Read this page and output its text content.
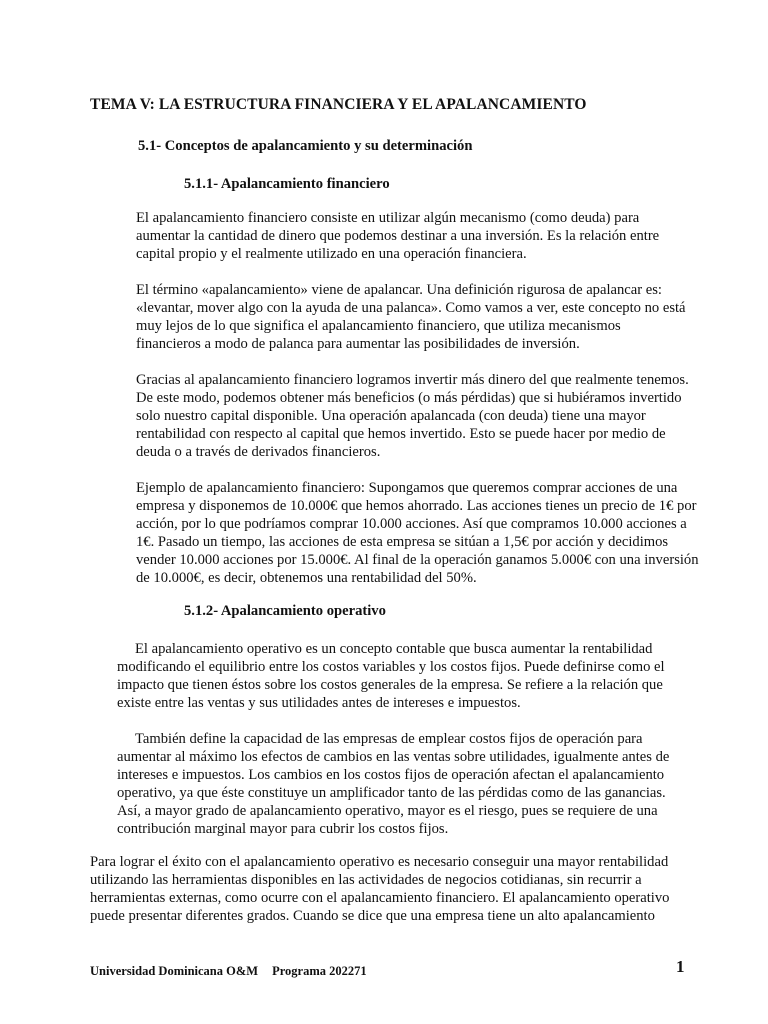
TEMA V: LA ESTRUCTURA FINANCIERA Y EL APALANCAMIENTO
5.1- Conceptos de apalancamiento y su determinación
5.1.1- Apalancamiento financiero

El apalancamiento financiero consiste en utilizar algún mecanismo (como deuda) para aumentar la cantidad de dinero que podemos destinar a una inversión. Es la relación entre capital propio y el realmente utilizado en una operación financiera.

El término «apalancamiento» viene de apalancar. Una definición rigurosa de apalancar es: «levantar, mover algo con la ayuda de una palanca». Como vamos a ver, este concepto no está muy lejos de lo que significa el apalancamiento financiero, que utiliza mecanismos financieros a modo de palanca para aumentar las posibilidades de inversión.

Gracias al apalancamiento financiero logramos invertir más dinero del que realmente tenemos. De este modo, podemos obtener más beneficios (o más pérdidas) que si hubiéramos invertido solo nuestro capital disponible. Una operación apalancada (con deuda) tiene una mayor rentabilidad con respecto al capital que hemos invertido. Esto se puede hacer por medio de deuda o a través de derivados financieros.

Ejemplo de apalancamiento financiero: Supongamos que queremos comprar acciones de una empresa y disponemos de 10.000€ que hemos ahorrado. Las acciones tienes un precio de 1€ por acción, por lo que podríamos comprar 10.000 acciones. Así que compramos 10.000 acciones a 1€. Pasado un tiempo, las acciones de esta empresa se sitúan a 1,5€ por acción y decidimos vender 10.000 acciones por 15.000€. Al final de la operación ganamos 5.000€ con una inversión de 10.000€, es decir, obtenemos una rentabilidad del 50%.

5.1.2- Apalancamiento operativo

El apalancamiento operativo es un concepto contable que busca aumentar la rentabilidad modificando el equilibrio entre los costos variables y los costos fijos. Puede definirse como el impacto que tienen éstos sobre los costos generales de la empresa. Se refiere a la relación que existe entre las ventas y sus utilidades antes de intereses e impuestos.

También define la capacidad de las empresas de emplear costos fijos de operación para aumentar al máximo los efectos de cambios en las ventas sobre utilidades, igualmente antes de intereses e impuestos. Los cambios en los costos fijos de operación afectan el apalancamiento operativo, ya que éste constituye un amplificador tanto de las pérdidas como de las ganancias. Así, a mayor grado de apalancamiento operativo, mayor es el riesgo, pues se requiere de una contribución marginal mayor para cubrir los costos fijos.

Para lograr el éxito con el apalancamiento operativo es necesario conseguir una mayor rentabilidad utilizando las herramientas disponibles en las actividades de negocios cotidianas, sin recurrir a herramientas externas, como ocurre con el apalancamiento financiero. El apalancamiento operativo puede presentar diferentes grados. Cuando se dice que una empresa tiene un alto apalancamiento

Universidad Dominicana O&M Programa 202271	1
